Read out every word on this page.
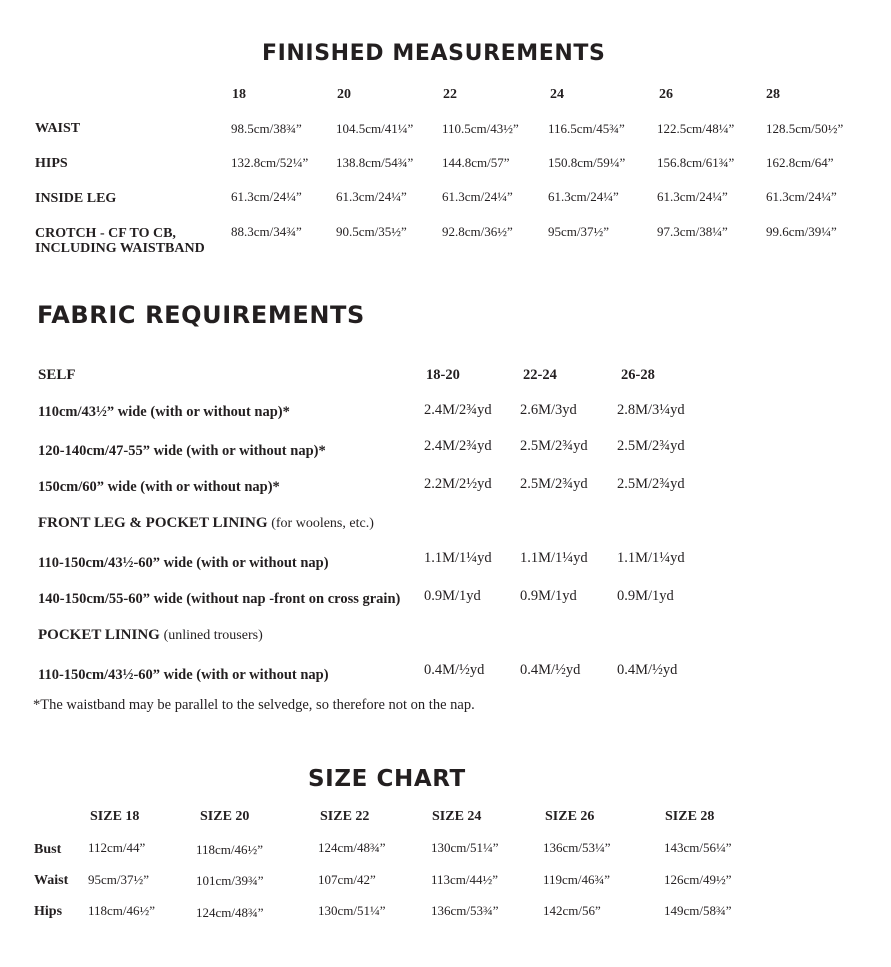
FINISHED MEASUREMENTS
18	20	22	24	26	28
WAIST	98.5cm/38¾”	104.5cm/41¼” 110.5cm/43½” 116.5cm/45¾” 122.5cm/48¼” 128.5cm/50½”
HIPS	132.8cm/52¼” 138.8cm/54¾” 144.8cm/57”	150.8cm/59¼” 156.8cm/61¾” 162.8cm/64”
INSIDE LEG	61.3cm/24¼”	61.3cm/24¼”	61.3cm/24¼”	61.3cm/24¼”	61.3cm/24¼”	61.3cm/24¼”
CROTCH - CF TO CB,
INCLUDING WAISTBAND
88.3cm/34¾”	90.5cm/35½”	92.8cm/36½”	95cm/37½”	97.3cm/38¼”	99.6cm/39¼”
FABRIC REQUIREMENTS
SELF	18-20	22-24	26-28
110cm/43½” wide (with or without nap)*	2.4M/2¾yd 2.6M/3yd	2.8M/3¼yd
120-140cm/47-55” wide (with or without nap)*	2.4M/2¾yd 2.5M/2¾yd 2.5M/2¾yd
150cm/60” wide (with or without nap)*	2.2M/2½yd 2.5M/2¾yd 2.5M/2¾yd
FRONT LEG & POCKET LINING (for woolens, etc.)
110-150cm/43½-60” wide (with or without nap)	1.1M/1¼yd 1.1M/1¼yd 1.1M/1¼yd
140-150cm/55-60” wide (without nap -front on cross grain) 0.9M/1yd	0.9M/1yd	0.9M/1yd
POCKET LINING (unlined trousers)
110-150cm/43½-60” wide (with or without nap)	0.4M/½yd 0.4M/½yd	0.4M/½yd
*The waistband may be parallel to the selvedge, so therefore not on the nap.
SIZE CHART
SIZE 18	SIZE 20	SIZE 22	SIZE 24	SIZE 26	SIZE 28
Bust 112cm/44”	118cm/46½”	124cm/48¾”	130cm/51¼”	136cm/53¼”	143cm/56¼”
Waist 95cm/37½”	101cm/39¾”	107cm/42”	113cm/44½”	119cm/46¾”	126cm/49½”
Hips 118cm/46½”	124cm/48¾”	130cm/51¼”	136cm/53¾”	142cm/56”	149cm/58¾”
